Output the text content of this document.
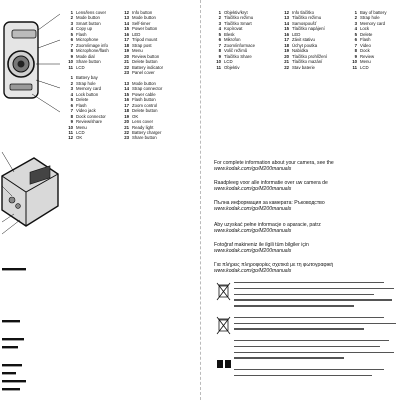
1 Lens/lens cover
2 Mode button
3 Smart button
4 Copy up
5 Flash
6 Microphone
7 Zoom/image info
8 Microphone/flash
9 Mode dial
10 Share button
11 LCD
1 Battery bay
2 Strap hole
3 Memory card
4 Lock button
5 Delete
6 Flash
7 Video jack
8 Dock connector
9 Review/share
10 Menu
11 LCD
12 OK
12 Info button
13 Mode button
14 Self-timer
15 Power button
16 LED
17 Tripod mount
18 Strap post
19 Menu
20 Review button
21 Delete button
22 Battery indicator
23 Panel cover
13 Mode button
14 Strap connector
15 Power cable
16 Flash button
17 Zoom control
18 Delete button
19 OK
20 Lens cover
21 Ready light
22 Battery charger
23 Share button
1 Objektiv/kryt
2 Tlačítko režimu
3 Tlačítko Smart
4 Kopírovat
5 Blesk
6 Mikrofon
7 Zoom/informace
8 Volič režimů
9 Tlačítko Share
10 LCD
11 Objektiv
12 Info tlačítko
13 Tlačítko režimu
14 Samospoušť
15 Tlačítko napájení
16 LED
17 Závit stativu
18 Úchyt poutka
19 Nabídka
20 Tlačítko prohlížení
21 Tlačítko mazání
22 Stav baterie
1 Bay of battery
2 Strap hole
3 Memory card
4 Lock
5 Delete
6 Flash
7 Video
8 Dock
9 Review
10 Menu
11 LCD
For complete information about your camera, see the
www.kodak.com/go/M200manuals
Raadpleeg voor alle informatie over uw camera de
www.kodak.com/go/M200manuals
Пълна информация за камерата: Ръководство
www.kodak.com/go/M200manuals
Aby uzyskać pełne informacje o aparacie, patrz
www.kodak.com/go/M200manuals
Fotoğraf makineniz ile ilgili tüm bilgiler için
www.kodak.com/go/M200manuals
Για πλήρεις πληροφορίες σχετικά με τη φωτογραφική
www.kodak.com/go/M200manuals
